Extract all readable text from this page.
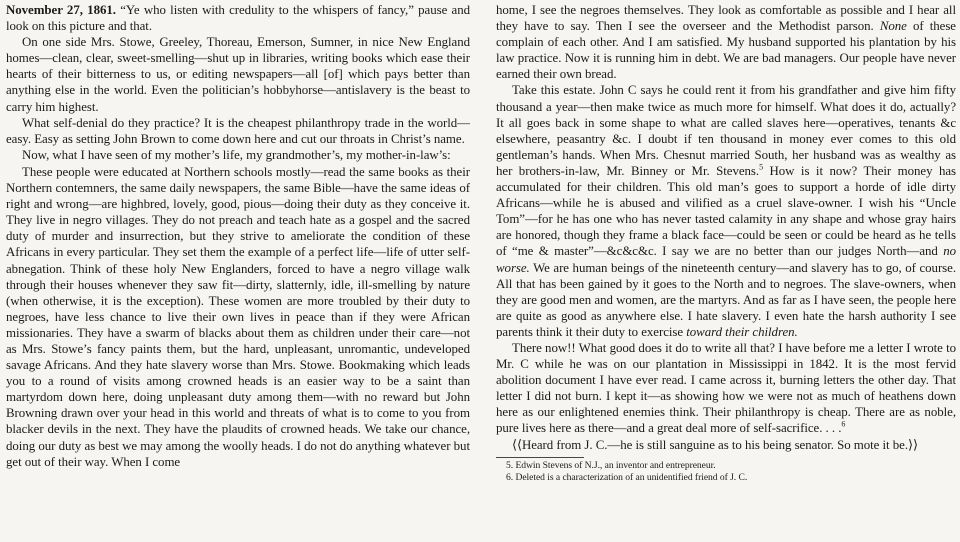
November 27, 1861. “Ye who listen with credulity to the whispers of fancy,” pause and look on this picture and that.

On one side Mrs. Stowe, Greeley, Thoreau, Emerson, Sumner, in nice New England homes—clean, clear, sweet-smelling—shut up in libraries, writing books which ease their hearts of their bitterness to us, or editing newspapers—all [of] which pays better than anything else in the world. Even the politician’s hobbyhorse—antislavery is the beast to carry him highest.

What self-denial do they practice? It is the cheapest philanthropy trade in the world—easy. Easy as setting John Brown to come down here and cut our throats in Christ’s name.

Now, what I have seen of my mother’s life, my grandmother’s, my mother-in-law’s:

These people were educated at Northern schools mostly—read the same books as their Northern contemners, the same daily newspapers, the same Bible—have the same ideas of right and wrong—are highbred, lovely, good, pious—doing their duty as they conceive it. They live in negro villages. They do not preach and teach hate as a gospel and the sacred duty of murder and insurrection, but they strive to ameliorate the condition of these Africans in every particular. They set them the example of a perfect life—life of utter self-abnegation. Think of these holy New Englanders, forced to have a negro village walk through their houses whenever they saw fit—dirty, slatternly, idle, ill-smelling by nature (when otherwise, it is the exception). These women are more troubled by their duty to negroes, have less chance to live their own lives in peace than if they were African missionaries. They have a swarm of blacks about them as children under their care—not as Mrs. Stowe’s fancy paints them, but the hard, unpleasant, unromantic, undeveloped savage Africans. And they hate slavery worse than Mrs. Stowe. Bookmaking which leads you to a round of visits among crowned heads is an easier way to be a saint than martyrdom down here, doing unpleasant duty among them—with no reward but John Browning drawn over your head in this world and threats of what is to come to you from blacker devils in the next. They have the plaudits of crowned heads. We take our chance, doing our duty as best we may among the woolly heads. I do not do anything whatever but get out of their way. When I come

home, I see the negroes themselves. They look as comfortable as possible and I hear all they have to say. Then I see the overseer and the Methodist parson. None of these complain of each other. And I am satisfied. My husband supported his plantation by his law practice. Now it is running him in debt. We are bad managers. Our people have never earned their own bread.

Take this estate. John C says he could rent it from his grandfather and give him fifty thousand a year—then make twice as much more for himself. What does it do, actually? It all goes back in some shape to what are called slaves here—operatives, tenants &c elsewhere, peasantry &c. I doubt if ten thousand in money ever comes to this old gentleman’s hands. When Mrs. Chesnut married South, her husband was as wealthy as her brothers-in-law, Mr. Binney or Mr. Stevens.$^5$ How is it now? Their money has accumulated for their children. This old man’s goes to support a horde of idle dirty Africans—while he is abused and vilified as a cruel slave-owner. I wish his “Uncle Tom”—for he has one who has never tasted calamity in any shape and whose gray hairs are honored, though they frame a black face—could be seen or could be heard as he tells of “me & master”—&c&c&c. I say we are no better than our judges North—and no worse. We are human beings of the nineteenth century—and slavery has to go, of course. All that has been gained by it goes to the North and to negroes. The slave-owners, when they are good men and women, are the martyrs. And as far as I have seen, the people here are quite as good as anywhere else. I hate slavery. I even hate the harsh authority I see parents think it their duty to exercise toward their children.

There now!! What good does it do to write all that? I have before me a letter I wrote to Mr. C while he was on our plantation in Mississippi in 1842. It is the most fervid abolition document I have ever read. I came across it, burning letters the other day. That letter I did not burn. I kept it—as showing how we were not as much of heathens down here as our enlightened enemies think. Their philanthropy is cheap. There are as noble, pure lives here as there—and a great deal more of self-sacrifice. . . .$^6$

⟨⟨Heard from J. C.—he is still sanguine as to his being senator. So mote it be.⟩⟩

5. Edwin Stevens of N.J., an inventor and entrepreneur.

6. Deleted is a characterization of an unidentified friend of J. C.
